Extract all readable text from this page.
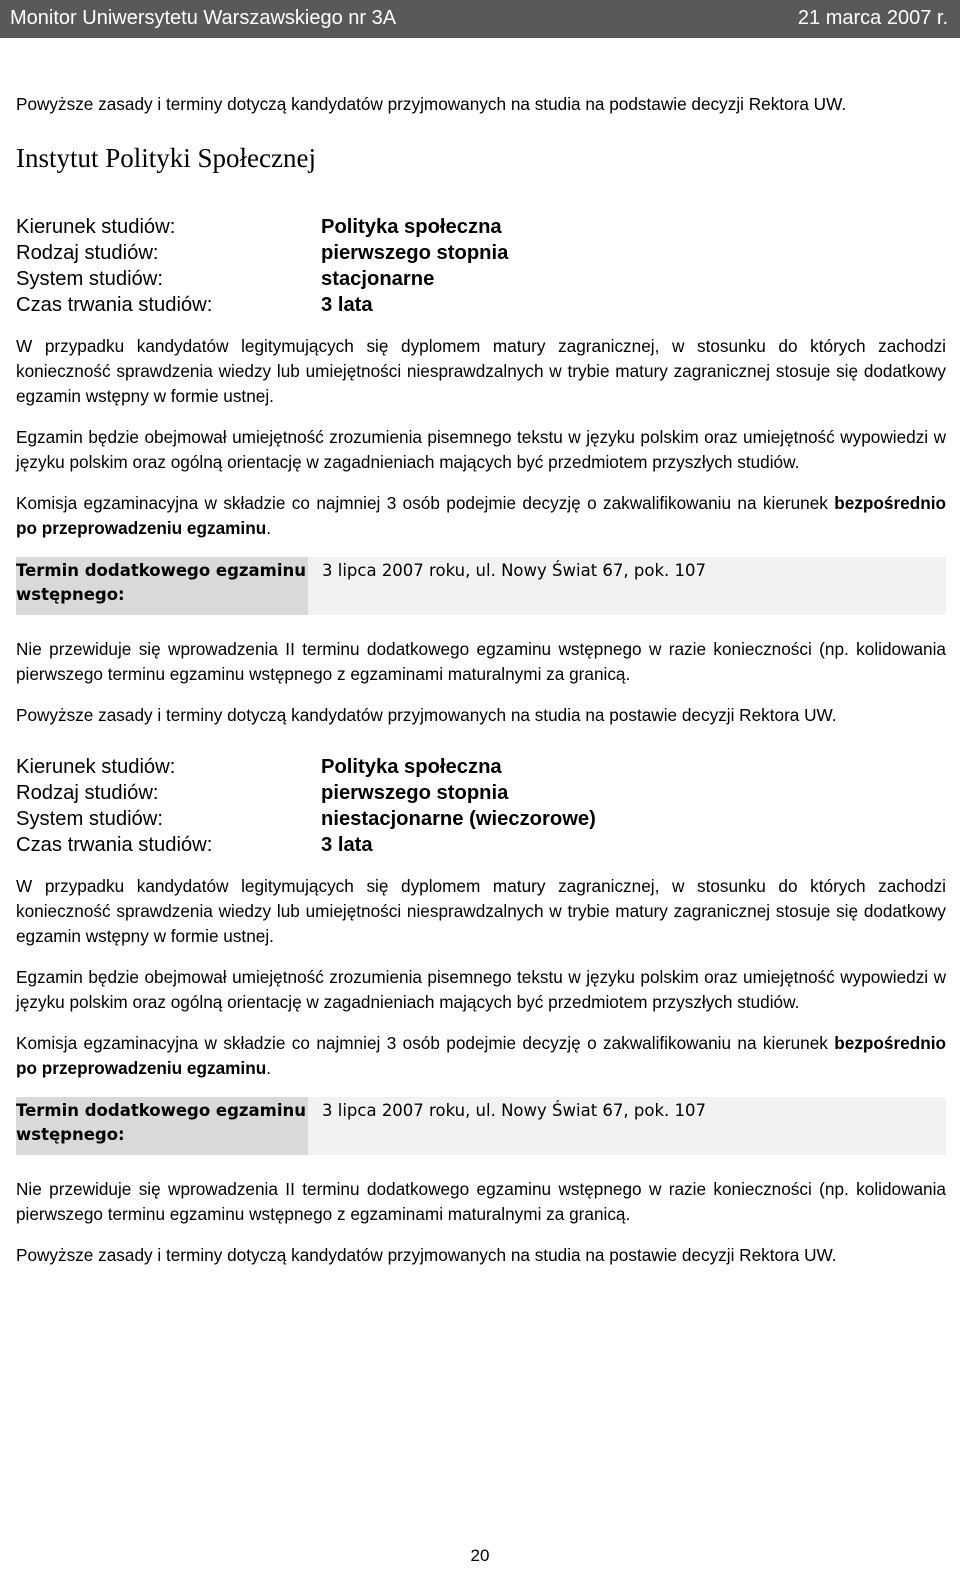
Monitor Uniwersytetu Warszawskiego nr 3A	21 marca 2007 r.

Powyższe zasady i terminy dotyczą kandydatów przyjmowanych na studia na podstawie decyzji Rektora UW.

Instytut Polityki Społecznej
Kierunek studiów:	Polityka społeczna
Rodzaj studiów:	pierwszego stopnia
System studiów:	stacjonarne
Czas trwania studiów:	3 lata

W przypadku kandydatów legitymujących się dyplomem matury zagranicznej, w stosunku do których zachodzi konieczność sprawdzenia wiedzy lub umiejętności niesprawdzalnych w trybie matury zagranicznej stosuje się dodatkowy egzamin wstępny w formie ustnej.

Egzamin będzie obejmował umiejętność zrozumienia pisemnego tekstu w języku polskim oraz umiejętność wypowiedzi w języku polskim oraz ogólną orientację w zagadnieniach mających być przedmiotem przyszłych studiów.

Komisja egzaminacyjna w składzie co najmniej 3 osób podejmie decyzję o zakwalifikowaniu na kierunek bezpośrednio po przeprowadzeniu egzaminu.

Termin dodatkowego egzaminu wstępnego:
3 lipca 2007 roku, ul. Nowy Świat 67, pok. 107

Nie przewiduje się wprowadzenia II terminu dodatkowego egzaminu wstępnego w razie konieczności (np. kolidowania pierwszego terminu egzaminu wstępnego z egzaminami maturalnymi za granicą.

Powyższe zasady i terminy dotyczą kandydatów przyjmowanych na studia na postawie decyzji Rektora UW.

Kierunek studiów:	Polityka społeczna
Rodzaj studiów:	pierwszego stopnia
System studiów:	niestacjonarne (wieczorowe)
Czas trwania studiów:	3 lata

W przypadku kandydatów legitymujących się dyplomem matury zagranicznej, w stosunku do których zachodzi konieczność sprawdzenia wiedzy lub umiejętności niesprawdzalnych w trybie matury zagranicznej stosuje się dodatkowy egzamin wstępny w formie ustnej.

Egzamin będzie obejmował umiejętność zrozumienia pisemnego tekstu w języku polskim oraz umiejętność wypowiedzi w języku polskim oraz ogólną orientację w zagadnieniach mających być przedmiotem przyszłych studiów.

Komisja egzaminacyjna w składzie co najmniej 3 osób podejmie decyzję o zakwalifikowaniu na kierunek bezpośrednio po przeprowadzeniu egzaminu.

Termin dodatkowego egzaminu wstępnego:
3 lipca 2007 roku, ul. Nowy Świat 67, pok. 107

Nie przewiduje się wprowadzenia II terminu dodatkowego egzaminu wstępnego w razie konieczności (np. kolidowania pierwszego terminu egzaminu wstępnego z egzaminami maturalnymi za granicą.

Powyższe zasady i terminy dotyczą kandydatów przyjmowanych na studia na postawie decyzji Rektora UW.

20
